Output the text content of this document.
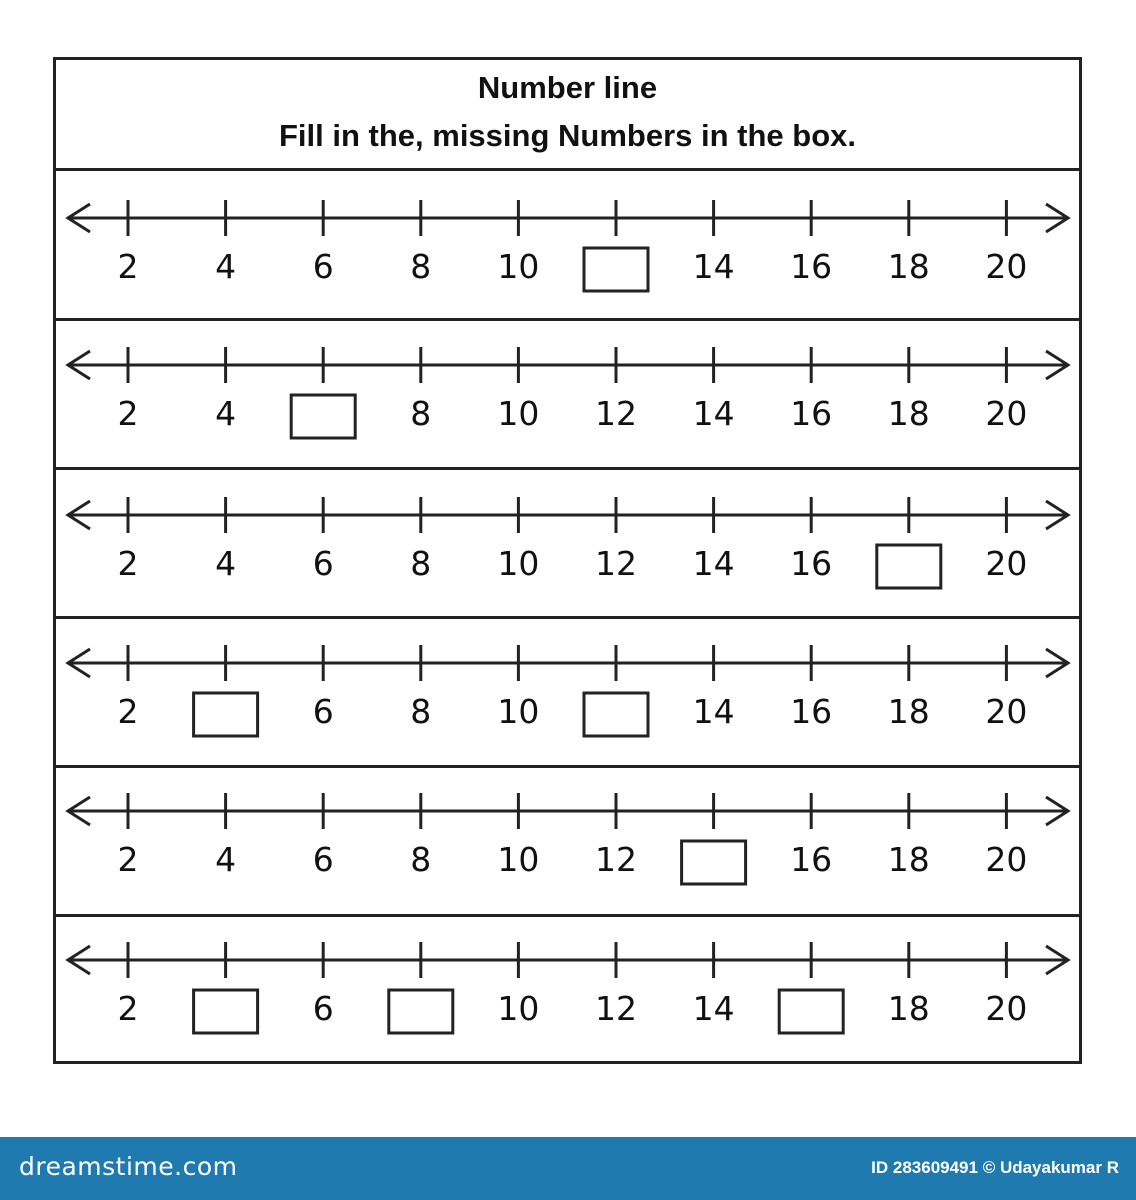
Number line
Fill in the, missing Numbers in the box.
2 4 6 8 10	14 16 18 20
2 4	8 10 12 14 16 18 20
2 4 6 8 10 12 14 16	20
2	6 8 10	14 16 18 20
2 4 6 8 10 12	16 18 20
2	6	10 12 14	18 20
dreamstime.com	ID 283609491 © Udayakumar R
